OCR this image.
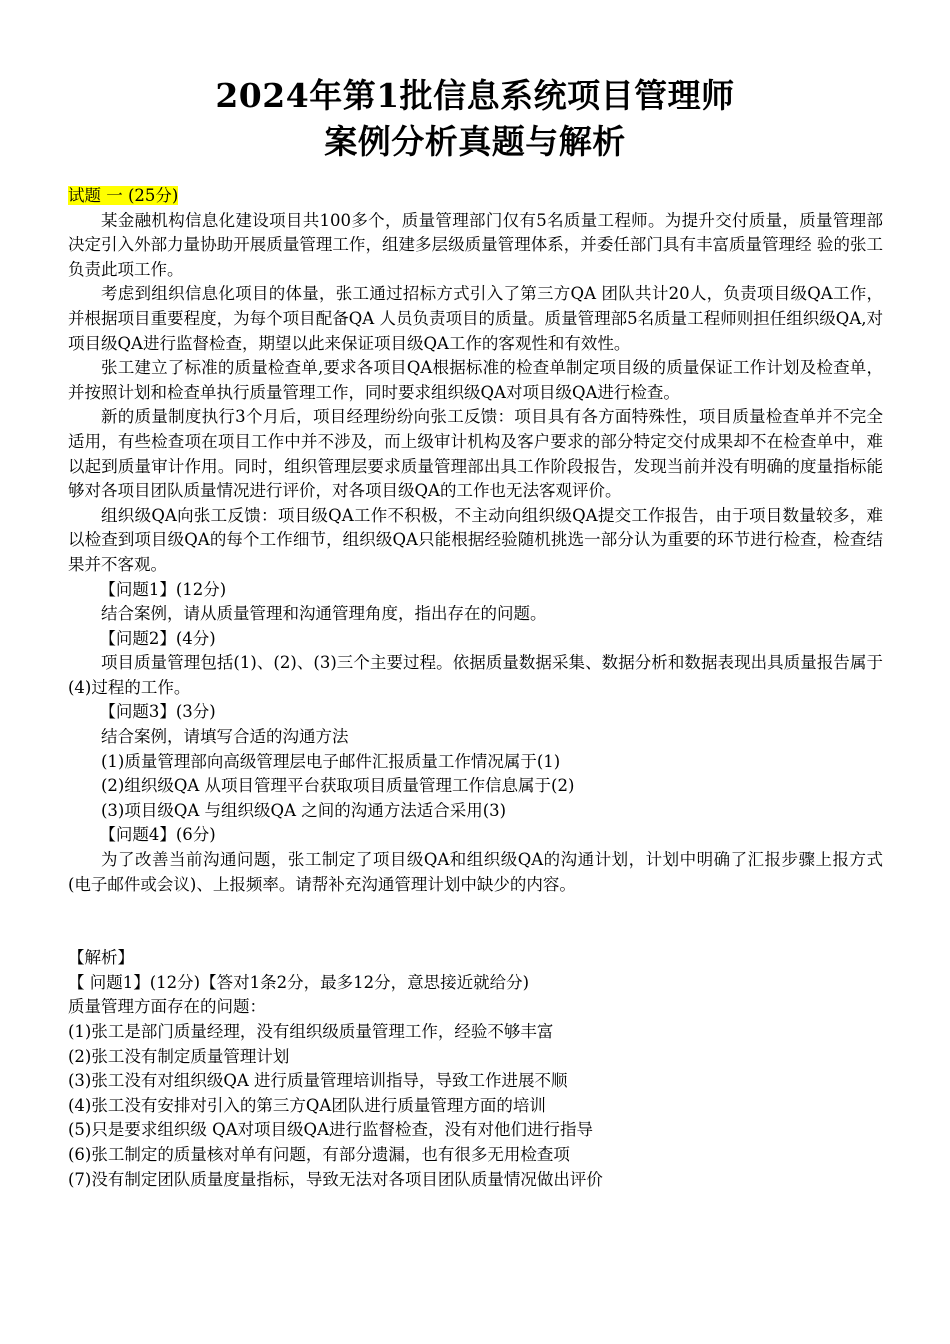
2024年第1批信息系统项目管理师
案例分析真题与解析

试题 一 (25分)

某金融机构信息化建设项目共100多个，质量管理部门仅有5名质量工程师。为提升交付质量，质量管理部决定引入外部力量协助开展质量管理工作，组建多层级质量管理体系，并委任部门具有丰富质量管理经 验的张工负责此项工作。

考虑到组织信息化项目的体量，张工通过招标方式引入了第三方QA 团队共计20人，负责项目级QA工作，并根据项目重要程度，为每个项目配备QA 人员负责项目的质量。质量管理部5名质量工程师则担任组织级QA,对项目级QA进行监督检查，期望以此来保证项目级QA工作的客观性和有效性。

张工建立了标准的质量检查单,要求各项目QA根据标准的检查单制定项目级的质量保证工作计划及检查单，并按照计划和检查单执行质量管理工作，同时要求组织级QA对项目级QA进行检查。

新的质量制度执行3个月后，项目经理纷纷向张工反馈：项目具有各方面特殊性，项目质量检查单并不完全适用，有些检查项在项目工作中并不涉及，而上级审计机构及客户要求的部分特定交付成果却不在检查单中，难以起到质量审计作用。同时，组织管理层要求质量管理部出具工作阶段报告，发现当前并没有明确的度量指标能够对各项目团队质量情况进行评价，对各项目级QA的工作也无法客观评价。

组织级QA向张工反馈：项目级QA工作不积极，不主动向组织级QA提交工作报告，由于项目数量较多，难以检查到项目级QA的每个工作细节，组织级QA只能根据经验随机挑选一部分认为重要的环节进行检查，检查结果并不客观。

【问题1】(12分)

结合案例，请从质量管理和沟通管理角度，指出存在的问题。

【问题2】(4分)

项目质量管理包括(1)、(2)、(3)三个主要过程。依据质量数据采集、数据分析和数据表现出具质量报告属于(4)过程的工作。

【问题3】(3分)

结合案例，请填写合适的沟通方法

(1)质量管理部向高级管理层电子邮件汇报质量工作情况属于(1)

(2)组织级QA 从项目管理平台获取项目质量管理工作信息属于(2)

(3)项目级QA 与组织级QA 之间的沟通方法适合采用(3)

【问题4】(6分)

为了改善当前沟通问题，张工制定了项目级QA和组织级QA的沟通计划，计划中明确了汇报步骤上报方式 (电子邮件或会议)、上报频率。请帮补充沟通管理计划中缺少的内容。

【解析】

【 问题1】(12分)【答对1条2分，最多12分，意思接近就给分)

质量管理方面存在的问题：

(1)张工是部门质量经理，没有组织级质量管理工作，经验不够丰富

(2)张工没有制定质量管理计划

(3)张工没有对组织级QA 进行质量管理培训指导，导致工作进展不顺

(4)张工没有安排对引入的第三方QA团队进行质量管理方面的培训

(5)只是要求组织级 QA对项目级QA进行监督检查，没有对他们进行指导

(6)张工制定的质量核对单有问题，有部分遗漏，也有很多无用检查项

(7)没有制定团队质量度量指标，导致无法对各项目团队质量情况做出评价
